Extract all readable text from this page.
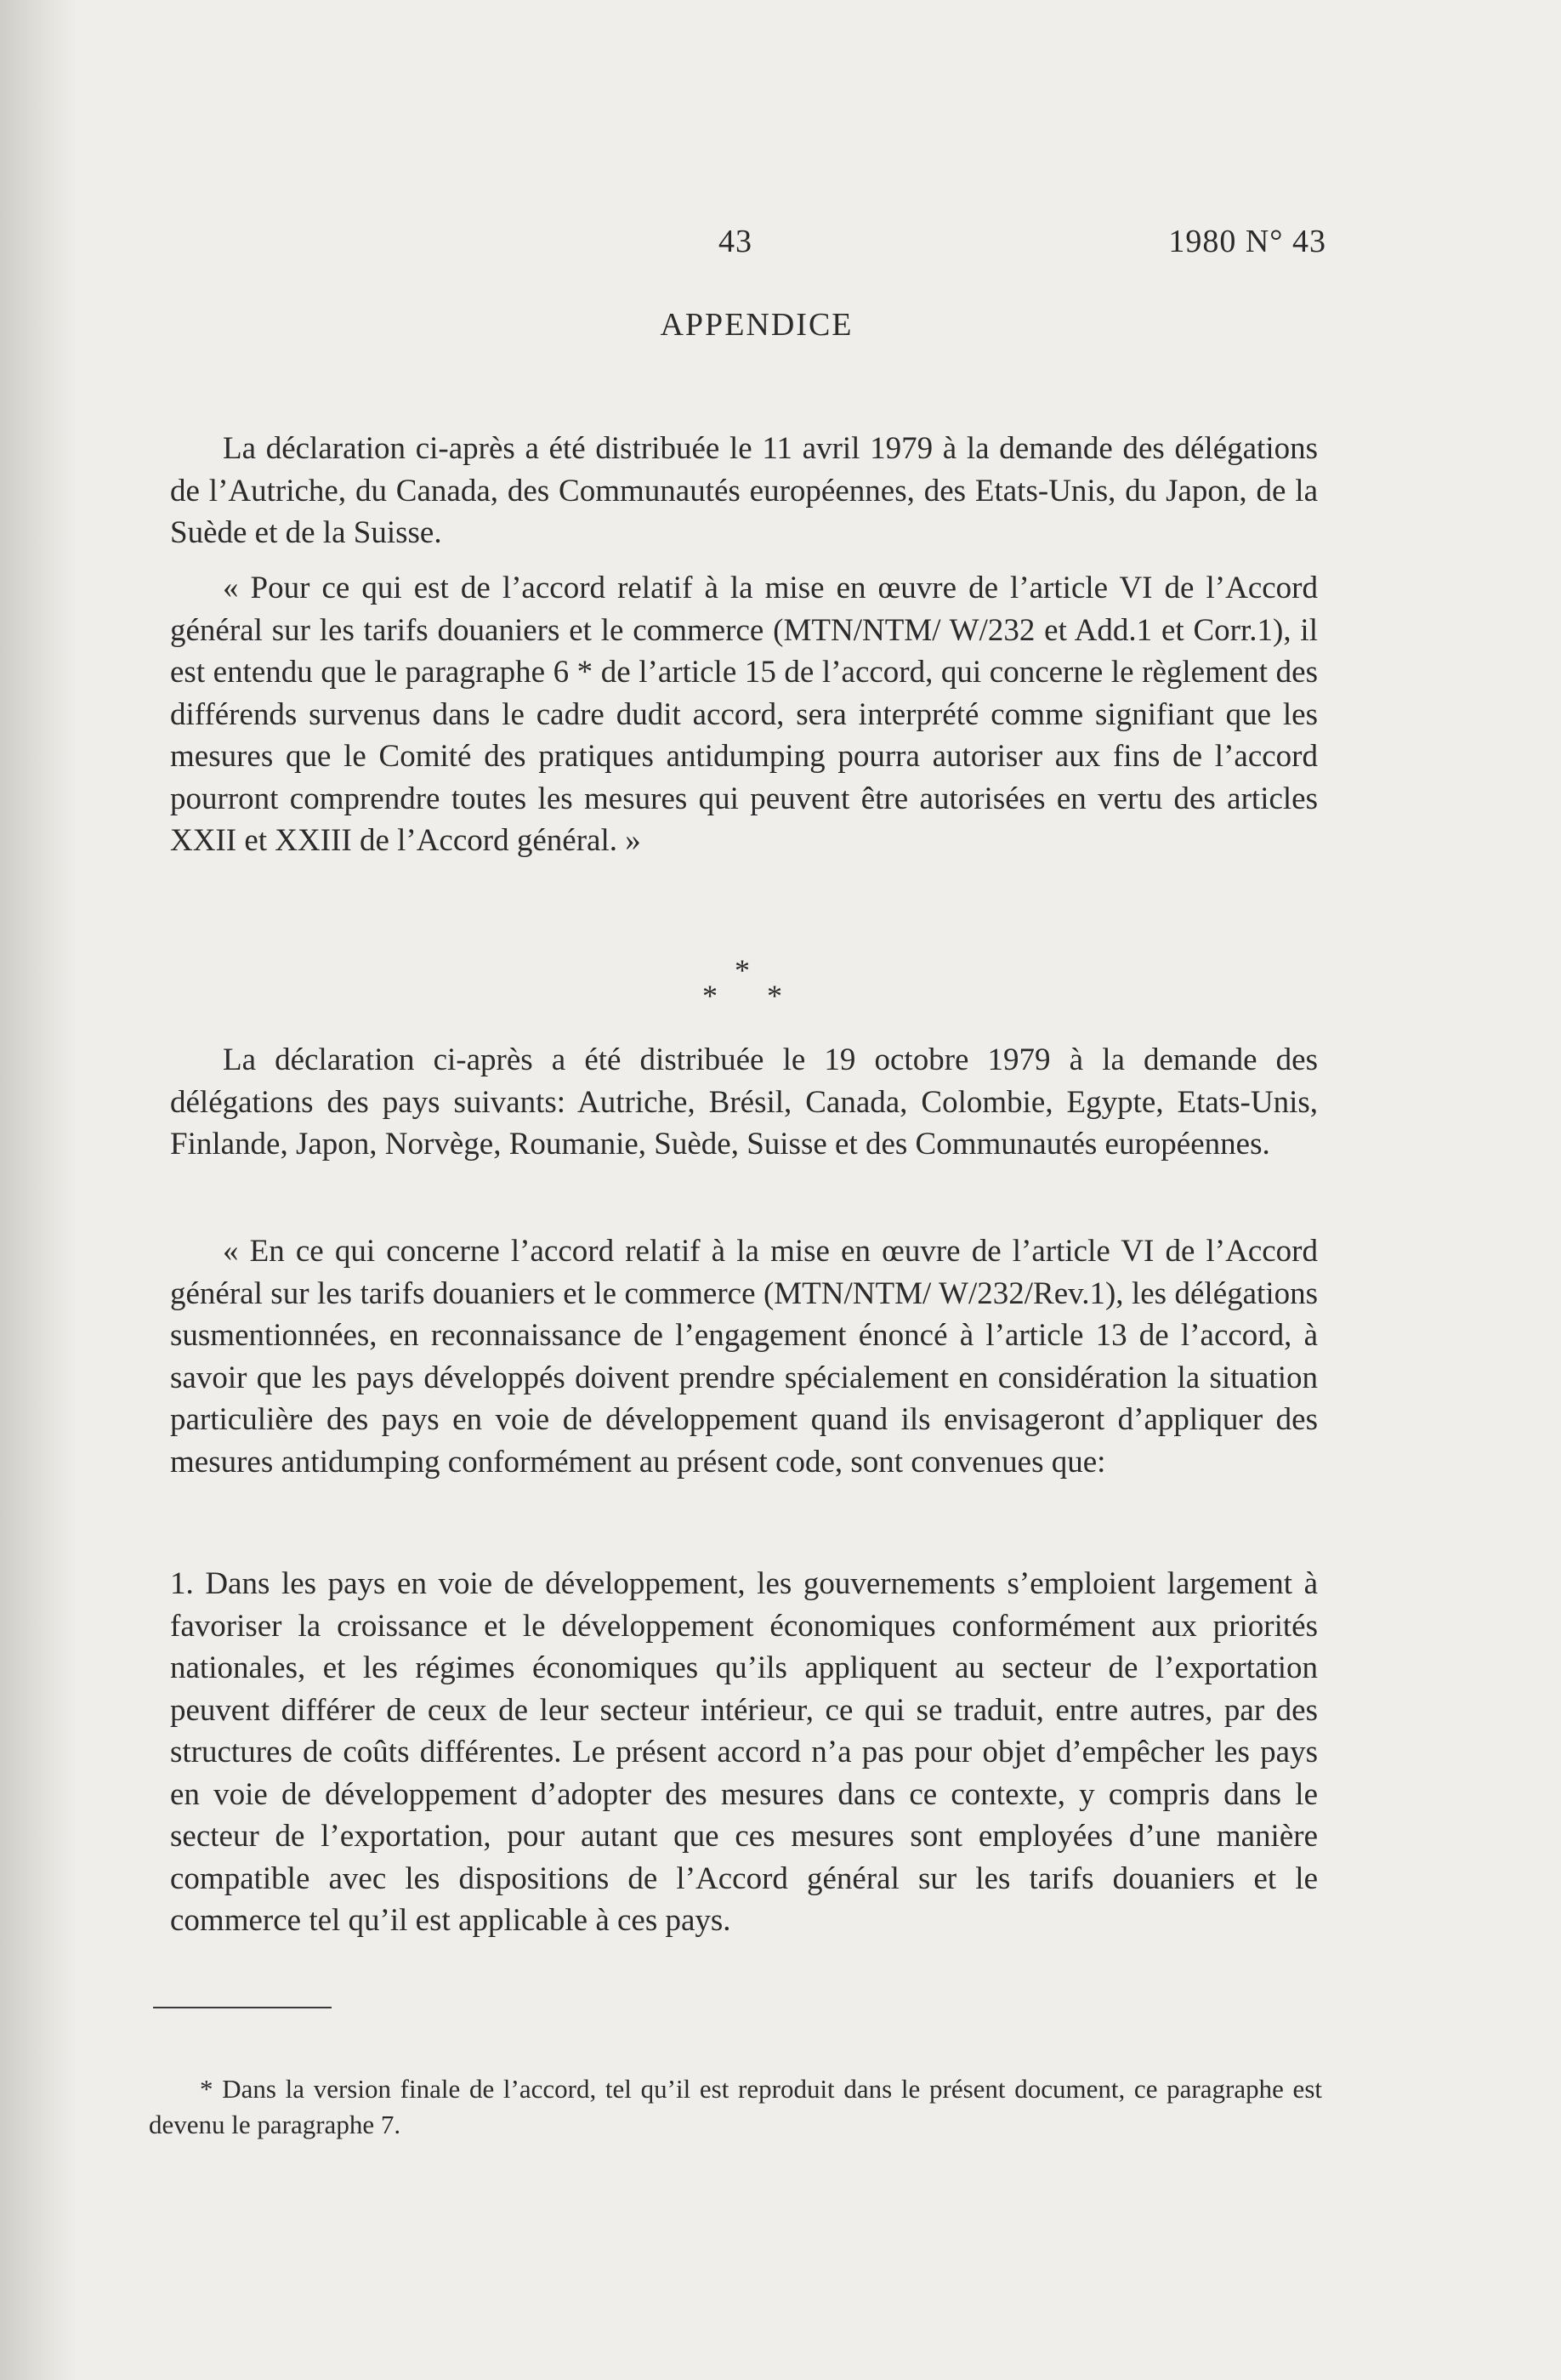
43	1980 N° 43
APPENDICE

La déclaration ci-après a été distribuée le 11 avril 1979 à la demande des délégations de l’Autriche, du Canada, des Communautés européennes, des Etats-Unis, du Japon, de la Suède et de la Suisse.

« Pour ce qui est de l’accord relatif à la mise en œuvre de l’article VI de l’Accord général sur les tarifs douaniers et le commerce (MTN/NTM/ W/232 et Add.1 et Corr.1), il est entendu que le paragraphe 6 * de l’article 15 de l’accord, qui concerne le règlement des différends survenus dans le cadre dudit accord, sera interprété comme signifiant que les mesures que le Comité des pratiques antidumping pourra autoriser aux fins de l’accord pourront comprendre toutes les mesures qui peuvent être autorisées en vertu des articles XXII et XXIII de l’Accord général. »

*
* *

La déclaration ci-après a été distribuée le 19 octobre 1979 à la demande des délégations des pays suivants: Autriche, Brésil, Canada, Colombie, Egypte, Etats-Unis, Finlande, Japon, Norvège, Roumanie, Suède, Suisse et des Communautés européennes.

« En ce qui concerne l’accord relatif à la mise en œuvre de l’article VI de l’Accord général sur les tarifs douaniers et le commerce (MTN/NTM/ W/232/Rev.1), les délégations susmentionnées, en reconnaissance de l’engagement énoncé à l’article 13 de l’accord, à savoir que les pays développés doivent prendre spécialement en considération la situation particulière des pays en voie de développement quand ils envisageront d’appliquer des mesures antidumping conformément au présent code, sont convenues que:

1. Dans les pays en voie de développement, les gouvernements s’emploient largement à favoriser la croissance et le développement économiques conformément aux priorités nationales, et les régimes économiques qu’ils appliquent au secteur de l’exportation peuvent différer de ceux de leur secteur intérieur, ce qui se traduit, entre autres, par des structures de coûts différentes. Le présent accord n’a pas pour objet d’empêcher les pays en voie de développement d’adopter des mesures dans ce contexte, y compris dans le secteur de l’exportation, pour autant que ces mesures sont employées d’une manière compatible avec les dispositions de l’Accord général sur les tarifs douaniers et le commerce tel qu’il est applicable à ces pays.

* Dans la version finale de l’accord, tel qu’il est reproduit dans le présent document, ce paragraphe est devenu le paragraphe 7.
